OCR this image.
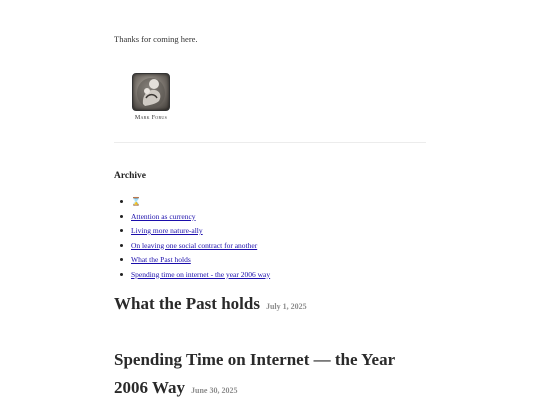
Thanks for coming here.
Mark Forus
Archive
⌛
Attention as currency
Living more nature-ally
On leaving one social contract for another
What the Past holds
Spending time on internet - the year 2006 way
What the Past holds July 1, 2025
Spending Time on Internet — the Year 2006 Way June 30, 2025
